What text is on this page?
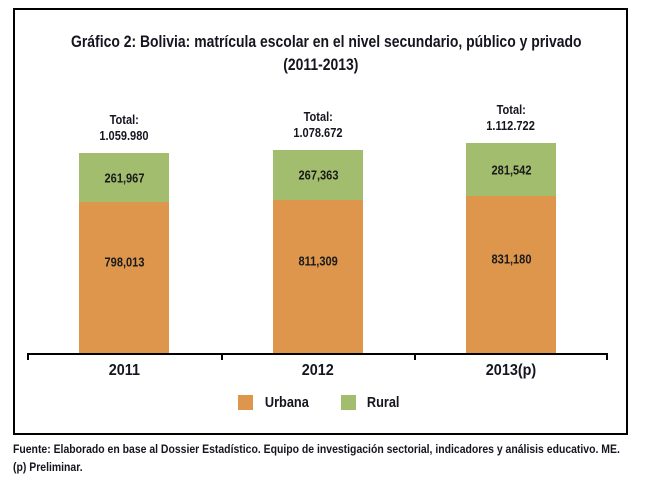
Gráfico 2: Bolivia: matrícula escolar en el nivel secundario, público y privado
(2011-2013)
261,967
798,013
Total:
1.059.980
2011
267,363
811,309
Total:
1.078.672
2012
281,542
831,180
Total:
1.112.722
2013(p)
Urbana	Rural
Fuente: Elaborado en base al Dossier Estadístico. Equipo de investigación sectorial, indicadores y análisis educativo. ME.
(p) Preliminar.
